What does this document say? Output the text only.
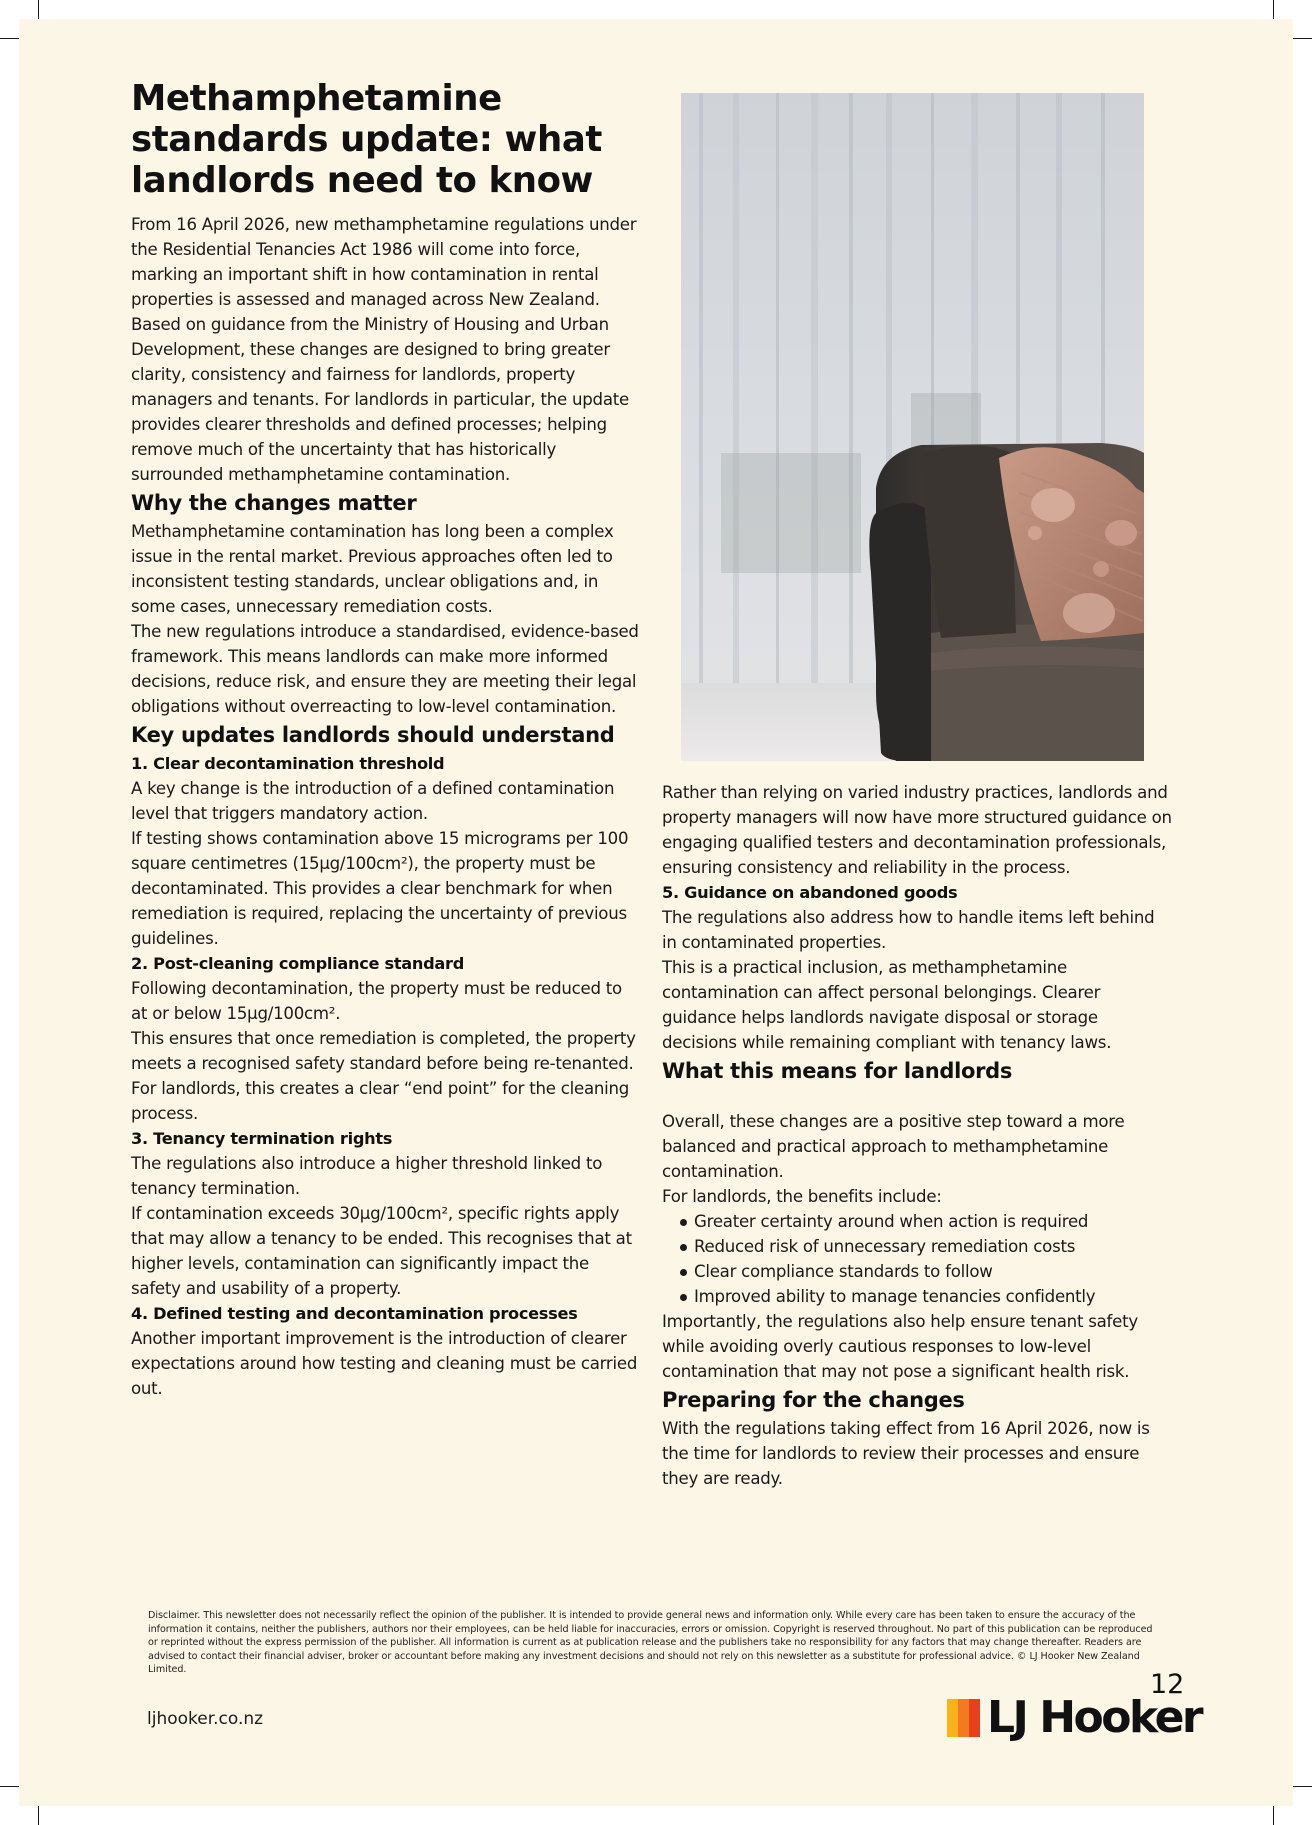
Methamphetamine standards update: what landlords need to know

From 16 April 2026, new methamphetamine regulations under the Residential Tenancies Act 1986 will come into force, marking an important shift in how contamination in rental properties is assessed and managed across New Zealand.

Based on guidance from the Ministry of Housing and Urban Development, these changes are designed to bring greater clarity, consistency and fairness for landlords, property managers and tenants. For landlords in particular, the update provides clearer thresholds and defined processes; helping remove much of the uncertainty that has historically surrounded methamphetamine contamination.

Why the changes matter

Methamphetamine contamination has long been a complex issue in the rental market. Previous approaches often led to inconsistent testing standards, unclear obligations and, in some cases, unnecessary remediation costs.

The new regulations introduce a standardised, evidence-based framework. This means landlords can make more informed decisions, reduce risk, and ensure they are meeting their legal obligations without overreacting to low-level contamination.

Key updates landlords should understand
1. Clear decontamination threshold

A key change is the introduction of a defined contamination level that triggers mandatory action.

If testing shows contamination above 15 micrograms per 100 square centimetres (15µg/100cm²), the property must be decontaminated. This provides a clear benchmark for when remediation is required, replacing the uncertainty of previous guidelines.

2. Post-cleaning compliance standard

Following decontamination, the property must be reduced to at or below 15µg/100cm².

This ensures that once remediation is completed, the property meets a recognised safety standard before being re-tenanted. For landlords, this creates a clear “end point” for the cleaning process.

3. Tenancy termination rights

The regulations also introduce a higher threshold linked to tenancy termination.

If contamination exceeds 30µg/100cm², specific rights apply that may allow a tenancy to be ended. This recognises that at higher levels, contamination can significantly impact the safety and usability of a property.

4. Defined testing and decontamination processes

Another important improvement is the introduction of clearer expectations around how testing and cleaning must be carried out.

Rather than relying on varied industry practices, landlords and property managers will now have more structured guidance on engaging qualified testers and decontamination professionals, ensuring consistency and reliability in the process.

5. Guidance on abandoned goods

The regulations also address how to handle items left behind in contaminated properties.

This is a practical inclusion, as methamphetamine contamination can affect personal belongings. Clearer guidance helps landlords navigate disposal or storage decisions while remaining compliant with tenancy laws.

What this means for landlords

Overall, these changes are a positive step toward a more balanced and practical approach to methamphetamine contamination.

For landlords, the benefits include:

Greater certainty around when action is required
Reduced risk of unnecessary remediation costs
Clear compliance standards to follow
Improved ability to manage tenancies confidently

Importantly, the regulations also help ensure tenant safety while avoiding overly cautious responses to low-level contamination that may not pose a significant health risk.

Preparing for the changes

With the regulations taking effect from 16 April 2026, now is the time for landlords to review their processes and ensure they are ready.

Disclaimer. This newsletter does not necessarily reflect the opinion of the publisher. It is intended to provide general news and information only. While every care has been taken to ensure the accuracy of the information it contains, neither the publishers, authors nor their employees, can be held liable for inaccuracies, errors or omission. Copyright is reserved throughout. No part of this publication can be reproduced or reprinted without the express permission of the publisher. All information is current as at publication release and the publishers take no responsibility for any factors that may change thereafter. Readers are advised to contact their financial adviser, broker or accountant before making any investment decisions and should not rely on this newsletter as a substitute for professional advice. © LJ Hooker New Zealand Limited.	12
ljhooker.co.nz	LJ Hooker
